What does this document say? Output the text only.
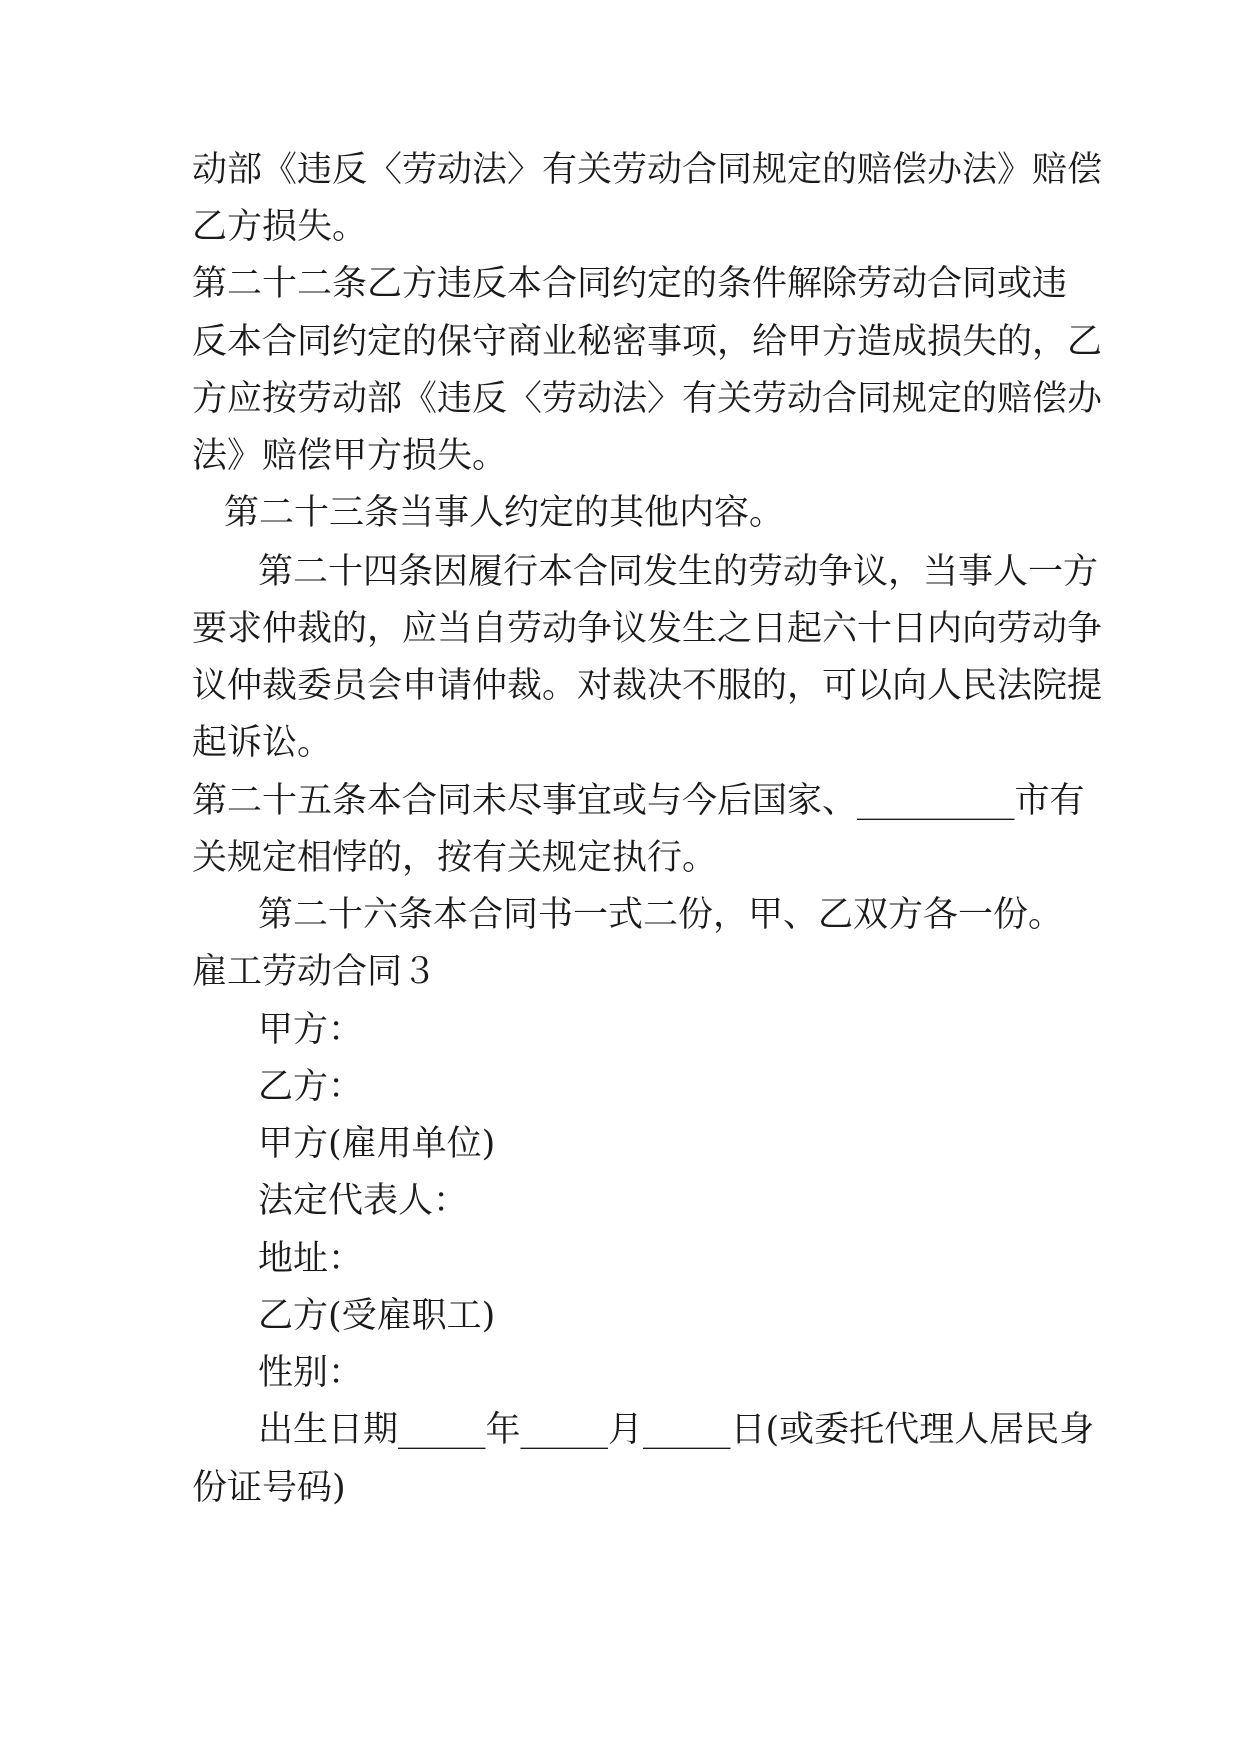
动部《违反〈劳动法〉有关劳动合同规定的赔偿办法》赔偿
乙方损失。
第二十二条乙方违反本合同约定的条件解除劳动合同或违
反本合同约定的保守商业秘密事项，给甲方造成损失的，乙
方应按劳动部《违反〈劳动法〉有关劳动合同规定的赔偿办
法》赔偿甲方损失。
第二十三条当事人约定的其他内容。
第二十四条因履行本合同发生的劳动争议，当事人一方
要求仲裁的，应当自劳动争议发生之日起六十日内向劳动争
议仲裁委员会申请仲裁。对裁决不服的，可以向人民法院提
起诉讼。
第二十五条本合同未尽事宜或与今后国家、_________市有
关规定相悖的，按有关规定执行。
第二十六条本合同书一式二份，甲、乙双方各一份。
雇工劳动合同３
甲方：
乙方：
甲方(雇用单位)
法定代表人：
地址：
乙方(受雇职工)
性别：
出生日期_____年_____月_____日(或委托代理人居民身
份证号码)
